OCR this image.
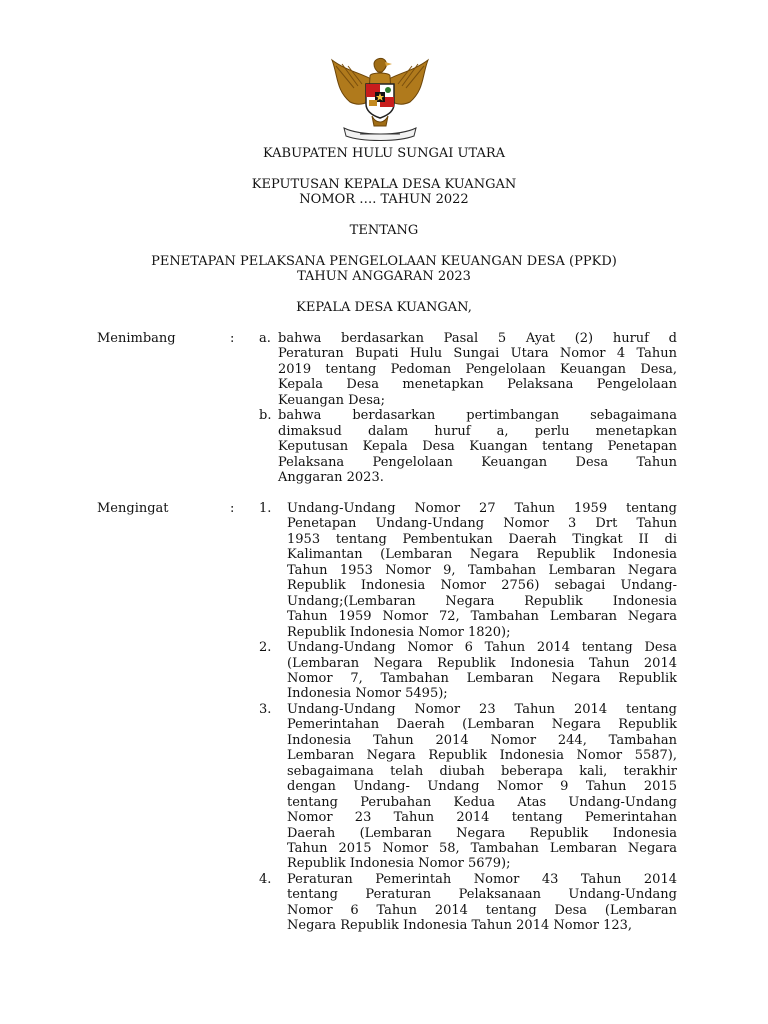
KABUPATEN HULU SUNGAI UTARA
KEPUTUSAN KEPALA DESA KUANGAN
NOMOR …. TAHUN 2022
TENTANG
PENETAPAN PELAKSANA PENGELOLAAN KEUANGAN DESA (PPKD)
TAHUN ANGGARAN 2023
KEPALA DESA KUANGAN,
Menimbang	: a. bahwa berdasarkan Pasal 5 Ayat (2) huruf d
Peraturan Bupati Hulu Sungai Utara Nomor 4 Tahun
2019 tentang Pedoman Pengelolaan Keuangan Desa,
Kepala Desa menetapkan Pelaksana Pengelolaan
Keuangan Desa;
b. bahwa berdasarkan pertimbangan sebagaimana
dimaksud dalam huruf a, perlu menetapkan
Keputusan Kepala Desa Kuangan tentang Penetapan
Pelaksana Pengelolaan Keuangan Desa Tahun
Anggaran 2023.
Mengingat	: 1. Undang-Undang Nomor 27 Tahun 1959 tentang
Penetapan Undang-Undang Nomor 3 Drt Tahun
1953 tentang Pembentukan Daerah Tingkat II di
Kalimantan (Lembaran Negara Republik Indonesia
Tahun 1953 Nomor 9, Tambahan Lembaran Negara
Republik Indonesia Nomor 2756) sebagai Undang-
Undang;(Lembaran Negara Republik Indonesia
Tahun 1959 Nomor 72, Tambahan Lembaran Negara
Republik Indonesia Nomor 1820);
2. Undang-Undang Nomor 6 Tahun 2014 tentang Desa
(Lembaran Negara Republik Indonesia Tahun 2014
Nomor 7, Tambahan Lembaran Negara Republik
Indonesia Nomor 5495);
3. Undang-Undang Nomor 23 Tahun 2014 tentang
Pemerintahan Daerah (Lembaran Negara Republik
Indonesia Tahun 2014 Nomor 244, Tambahan
Lembaran Negara Republik Indonesia Nomor 5587),
sebagaimana telah diubah beberapa kali, terakhir
dengan Undang- Undang Nomor 9 Tahun 2015
tentang Perubahan Kedua Atas Undang-Undang
Nomor 23 Tahun 2014 tentang Pemerintahan
Daerah (Lembaran Negara Republik Indonesia
Tahun 2015 Nomor 58, Tambahan Lembaran Negara
Republik Indonesia Nomor 5679);
4. Peraturan Pemerintah Nomor 43 Tahun 2014
tentang Peraturan Pelaksanaan Undang-Undang
Nomor 6 Tahun 2014 tentang Desa (Lembaran
Negara Republik Indonesia Tahun 2014 Nomor 123,
